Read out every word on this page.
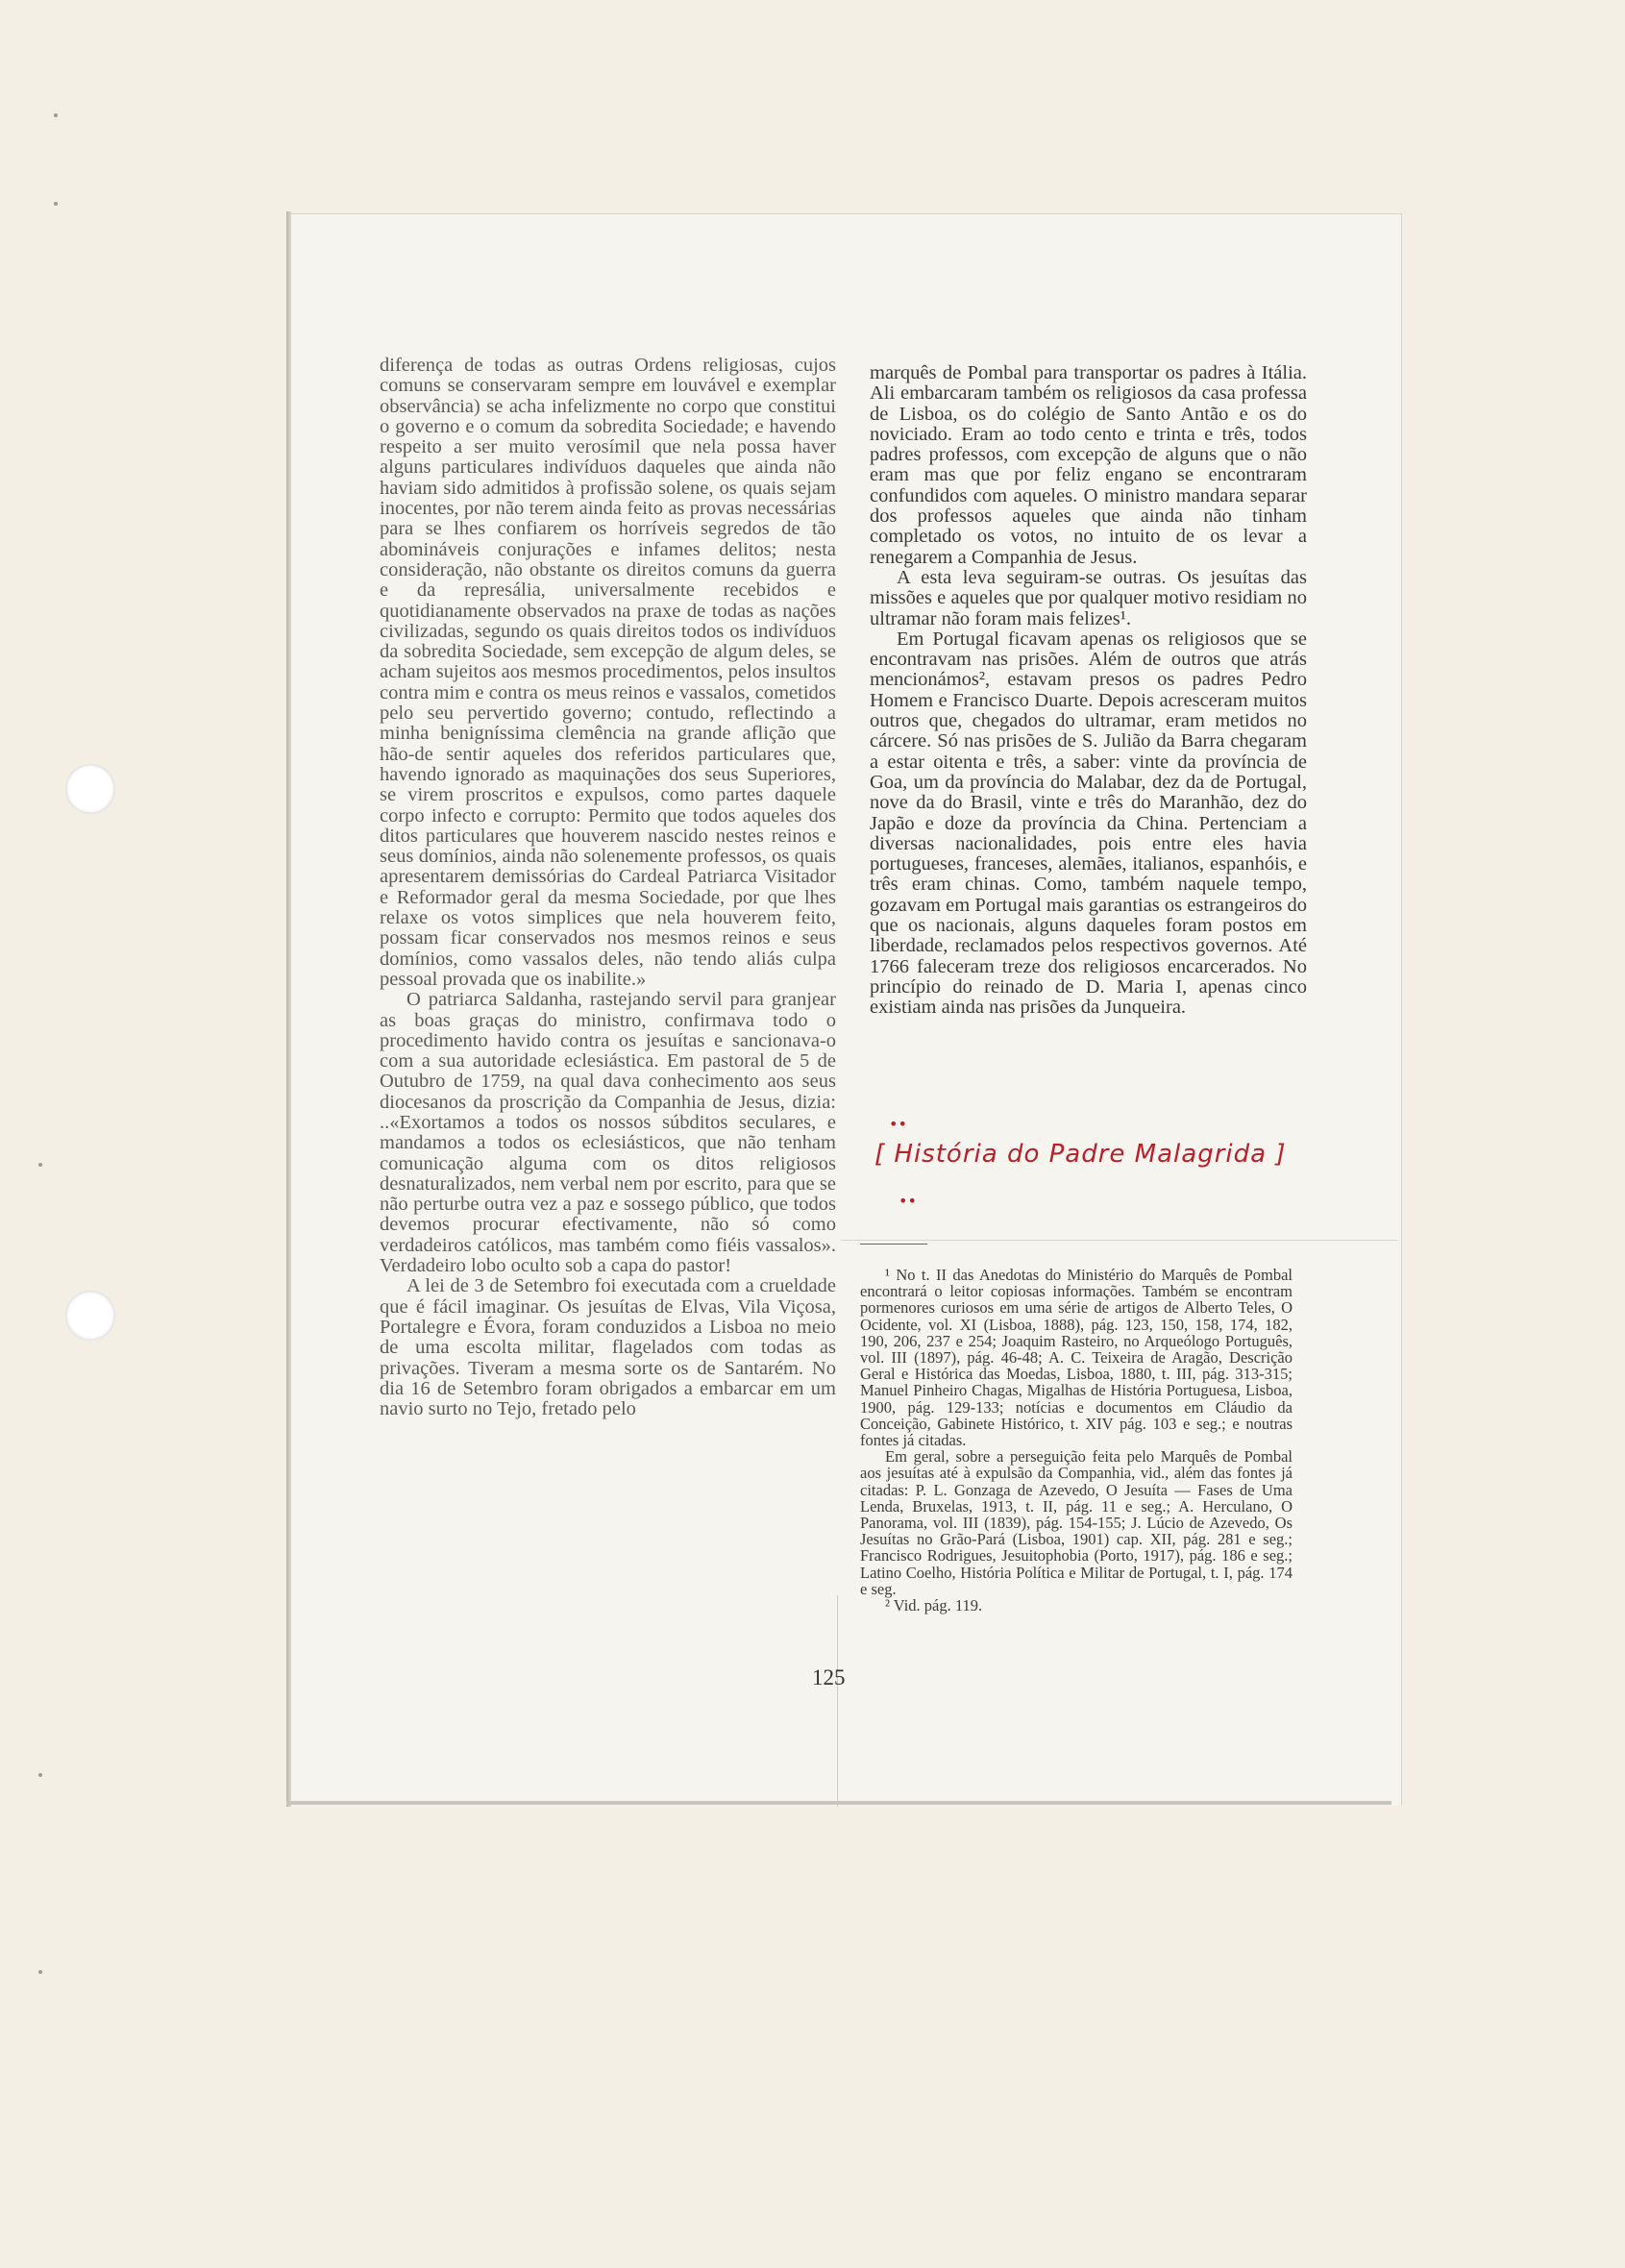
diferença de todas as outras Ordens religiosas, cujos comuns se conservaram sempre em louvável e exemplar observância) se acha infelizmente no corpo que constitui o governo e o comum da sobredita Sociedade; e havendo respeito a ser muito verosímil que nela possa haver alguns particulares indivíduos daqueles que ainda não haviam sido admitidos à profissão solene, os quais sejam inocentes, por não terem ainda feito as provas necessárias para se lhes confiarem os horríveis segredos de tão abomináveis conjurações e infames delitos; nesta consideração, não obstante os direitos comuns da guerra e da represália, universalmente recebidos e quotidianamente observados na praxe de todas as nações civilizadas, segundo os quais direitos todos os indivíduos da sobredita Sociedade, sem excepção de algum deles, se acham sujeitos aos mesmos procedimentos, pelos insultos contra mim e contra os meus reinos e vassalos, cometidos pelo seu pervertido governo; contudo, reflectindo a minha benigníssima clemência na grande aflição que hão-de sentir aqueles dos referidos particulares que, havendo ignorado as maquinações dos seus Superiores, se virem proscritos e expulsos, como partes daquele corpo infecto e corrupto: Permito que todos aqueles dos ditos particulares que houverem nascido nestes reinos e seus domínios, ainda não solenemente professos, os quais apresentarem demissórias do Cardeal Patriarca Visitador e Reformador geral da mesma Sociedade, por que lhes relaxe os votos simplices que nela houverem feito, possam ficar conservados nos mesmos reinos e seus domínios, como vassalos deles, não tendo aliás culpa pessoal provada que os inabilite.»

O patriarca Saldanha, rastejando servil para granjear as boas graças do ministro, confirmava todo o procedimento havido contra os jesuítas e sancionava-o com a sua autoridade eclesiástica. Em pastoral de 5 de Outubro de 1759, na qual dava conhecimento aos seus diocesanos da proscrição da Companhia de Jesus, dizia: ..«Exortamos a todos os nossos súbditos seculares, e mandamos a todos os eclesiásticos, que não tenham comunicação alguma com os ditos religiosos desnaturalizados, nem verbal nem por escrito, para que se não perturbe outra vez a paz e sossego público, que todos devemos procurar efectivamente, não só como verdadeiros católicos, mas também como fiéis vassalos». Verdadeiro lobo oculto sob a capa do pastor!

A lei de 3 de Setembro foi executada com a crueldade que é fácil imaginar. Os jesuítas de Elvas, Vila Viçosa, Portalegre e Évora, foram conduzidos a Lisboa no meio de uma escolta militar, flagelados com todas as privações. Tiveram a mesma sorte os de Santarém. No dia 16 de Setembro foram obrigados a embarcar em um navio surto no Tejo, fretado pelo

marquês de Pombal para transportar os padres à Itália. Ali embarcaram também os religiosos da casa professa de Lisboa, os do colégio de Santo Antão e os do noviciado. Eram ao todo cento e trinta e três, todos padres professos, com excepção de alguns que o não eram mas que por feliz engano se encontraram confundidos com aqueles. O ministro mandara separar dos professos aqueles que ainda não tinham completado os votos, no intuito de os levar a renegarem a Companhia de Jesus.

A esta leva seguiram-se outras. Os jesuítas das missões e aqueles que por qualquer motivo residiam no ultramar não foram mais felizes¹.

Em Portugal ficavam apenas os religiosos que se encontravam nas prisões. Além de outros que atrás mencionámos², estavam presos os padres Pedro Homem e Francisco Duarte. Depois acresceram muitos outros que, chegados do ultramar, eram metidos no cárcere. Só nas prisões de S. Julião da Barra chegaram a estar oitenta e três, a saber: vinte da província de Goa, um da província do Malabar, dez da de Portugal, nove da do Brasil, vinte e três do Maranhão, dez do Japão e doze da província da China. Pertenciam a diversas nacionalidades, pois entre eles havia portugueses, franceses, alemães, italianos, espanhóis, e três eram chinas. Como, também naquele tempo, gozavam em Portugal mais garantias os estrangeiros do que os nacionais, alguns daqueles foram postos em liberdade, reclamados pelos respectivos governos. Até 1766 faleceram treze dos religiosos encarcerados. No princípio do reinado de D. Maria I, apenas cinco existiam ainda nas prisões da Junqueira.

••
[ História do Padre Malagrida ]
••

¹ No t. II das Anedotas do Ministério do Marquês de Pombal encontrará o leitor copiosas informações. Também se encontram pormenores curiosos em uma série de artigos de Alberto Teles, O Ocidente, vol. XI (Lisboa, 1888), pág. 123, 150, 158, 174, 182, 190, 206, 237 e 254; Joaquim Rasteiro, no Arqueólogo Português, vol. III (1897), pág. 46-48; A. C. Teixeira de Aragão, Descrição Geral e Histórica das Moedas, Lisboa, 1880, t. III, pág. 313-315; Manuel Pinheiro Chagas, Migalhas de História Portuguesa, Lisboa, 1900, pág. 129-133; notícias e documentos em Cláudio da Conceição, Gabinete Histórico, t. XIV pág. 103 e seg.; e noutras fontes já citadas.

Em geral, sobre a perseguição feita pelo Marquês de Pombal aos jesuítas até à expulsão da Companhia, vid., além das fontes já citadas: P. L. Gonzaga de Azevedo, O Jesuíta — Fases de Uma Lenda, Bruxelas, 1913, t. II, pág. 11 e seg.; A. Herculano, O Panorama, vol. III (1839), pág. 154-155; J. Lúcio de Azevedo, Os Jesuítas no Grão-Pará (Lisboa, 1901) cap. XII, pág. 281 e seg.; Francisco Rodrigues, Jesuitophobia (Porto, 1917), pág. 186 e seg.; Latino Coelho, História Política e Militar de Portugal, t. I, pág. 174 e seg.

² Vid. pág. 119.

125
